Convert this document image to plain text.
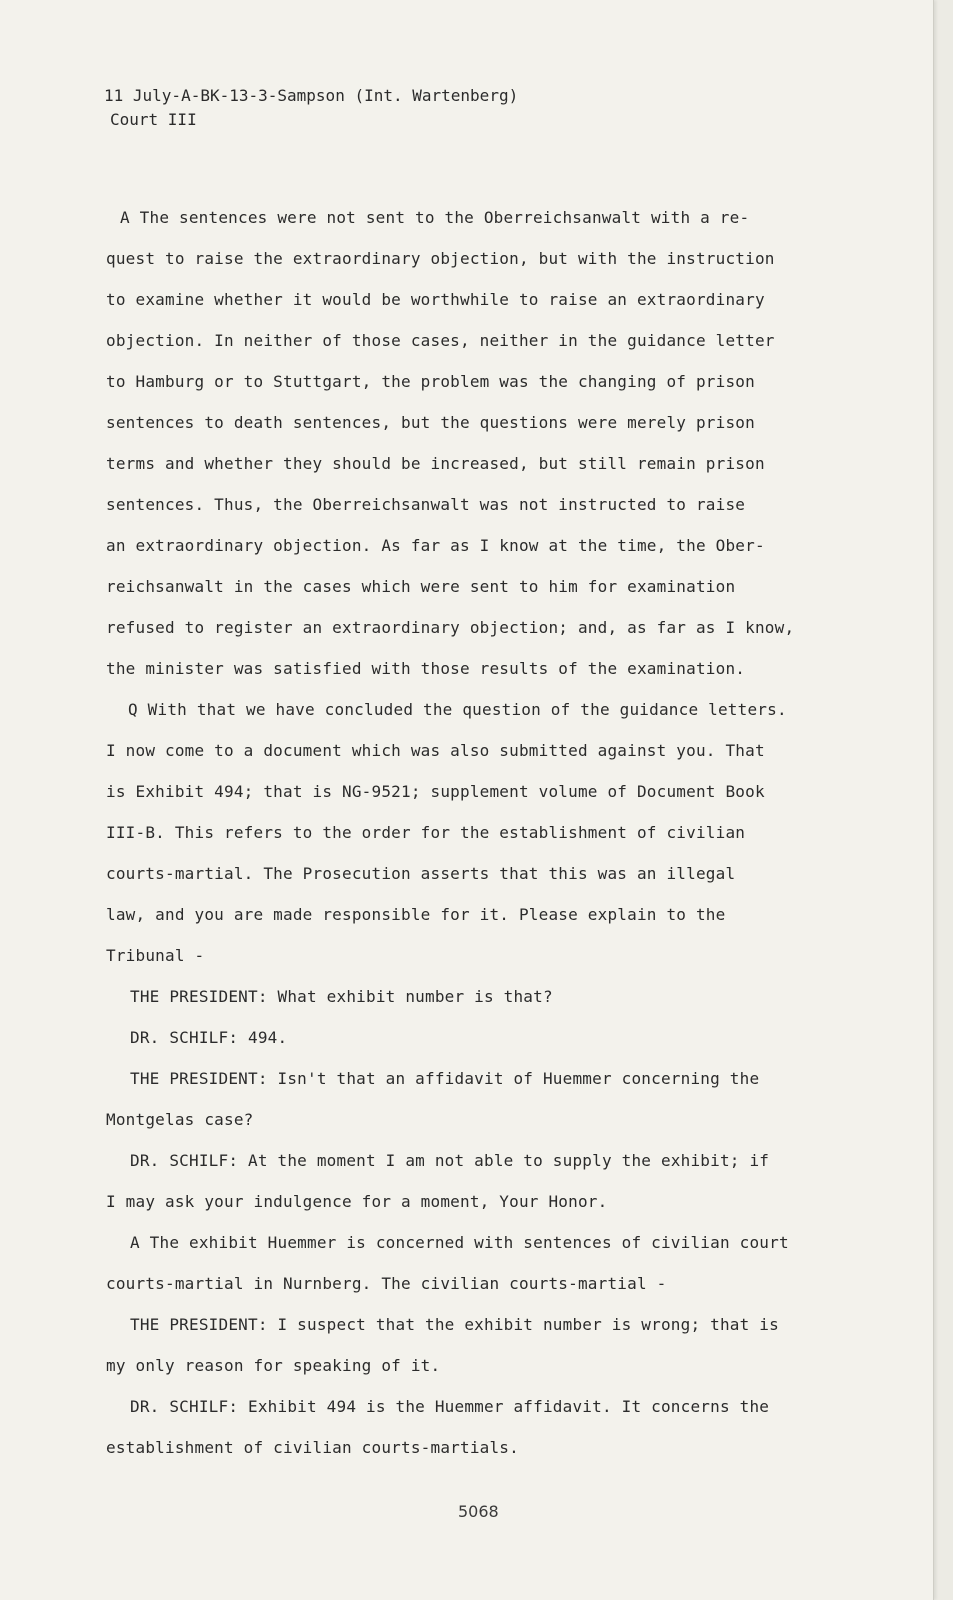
11 July-A-BK-13-3-Sampson (Int. Wartenberg)
Court III

A The sentences were not sent to the Oberreichsanwalt with a re-
quest to raise the extraordinary objection, but with the instruction
to examine whether it would be worthwhile to raise an extraordinary
objection. In neither of those cases, neither in the guidance letter
to Hamburg or to Stuttgart, the problem was the changing of prison
sentences to death sentences, but the questions were merely prison
terms and whether they should be increased, but still remain prison
sentences. Thus, the Oberreichsanwalt was not instructed to raise
an extraordinary objection. As far as I know at the time, the Ober-
reichsanwalt in the cases which were sent to him for examination
refused to register an extraordinary objection; and, as far as I know,
the minister was satisfied with those results of the examination.

Q With that we have concluded the question of the guidance letters.
I now come to a document which was also submitted against you. That
is Exhibit 494; that is NG-9521; supplement volume of Document Book
III-B. This refers to the order for the establishment of civilian
courts-martial. The Prosecution asserts that this was an illegal
law, and you are made responsible for it. Please explain to the
Tribunal -

THE PRESIDENT: What exhibit number is that?

DR. SCHILF: 494.

THE PRESIDENT: Isn't that an affidavit of Huemmer concerning the
Montgelas case?

DR. SCHILF: At the moment I am not able to supply the exhibit; if
I may ask your indulgence for a moment, Your Honor.

A The exhibit Huemmer is concerned with sentences of civilian court
courts-martial in Nurnberg. The civilian courts-martial -

THE PRESIDENT: I suspect that the exhibit number is wrong; that is
my only reason for speaking of it.

DR. SCHILF: Exhibit 494 is the Huemmer affidavit. It concerns the
establishment of civilian courts-martials.

5068
